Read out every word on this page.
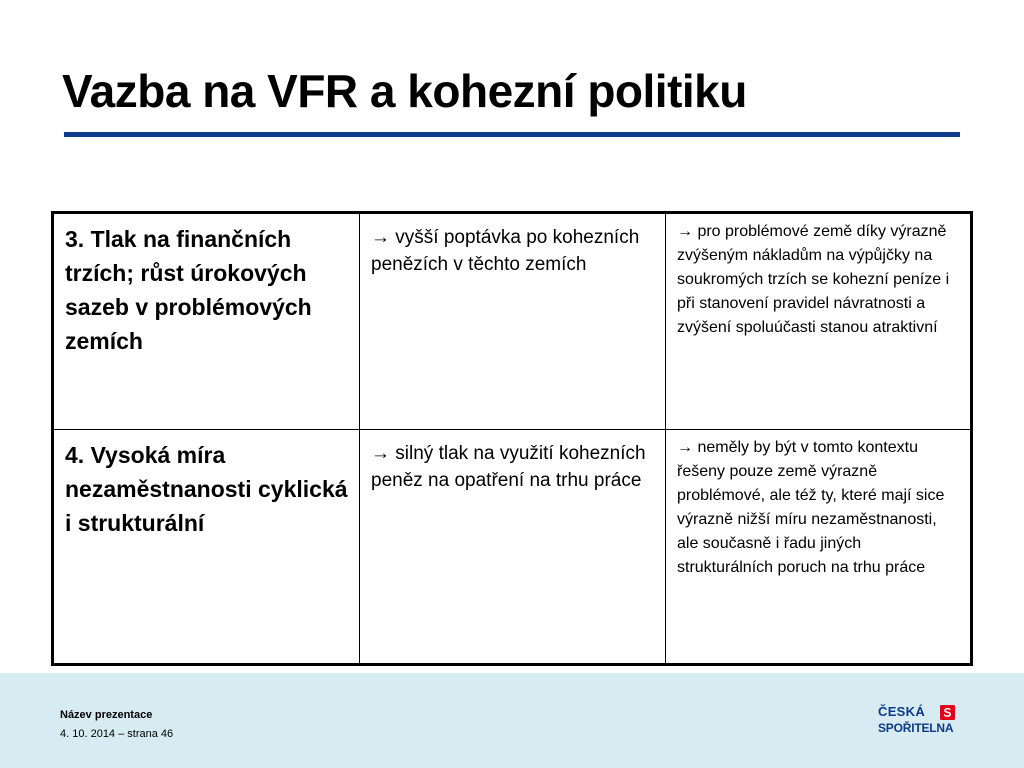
Vazba na VFR a kohezní politiku
3. Tlak na finančních trzích; růst úrokových sazeb v problémových zemích	→ vyšší poptávka po kohezních penězích v těchto zemích	→ pro problémové země díky výrazně zvýšeným nákladům na výpůjčky na soukromých trzích se kohezní peníze i při stanovení pravidel návratnosti a zvýšení spoluúčasti stanou atraktivní
4. Vysoká míra nezaměstnanosti cyklická i strukturální	→ silný tlak na využití kohezních peněz na opatření na trhu práce	→ neměly by být v tomto kontextu řešeny pouze země výrazně problémové, ale též ty, které mají sice výrazně nižší míru nezaměstnanosti, ale současně i řadu jiných strukturálních poruch na trhu práce
Název prezentace
4. 10. 2014 – strana 46
ČESKÁ
SPOŘITELNA
